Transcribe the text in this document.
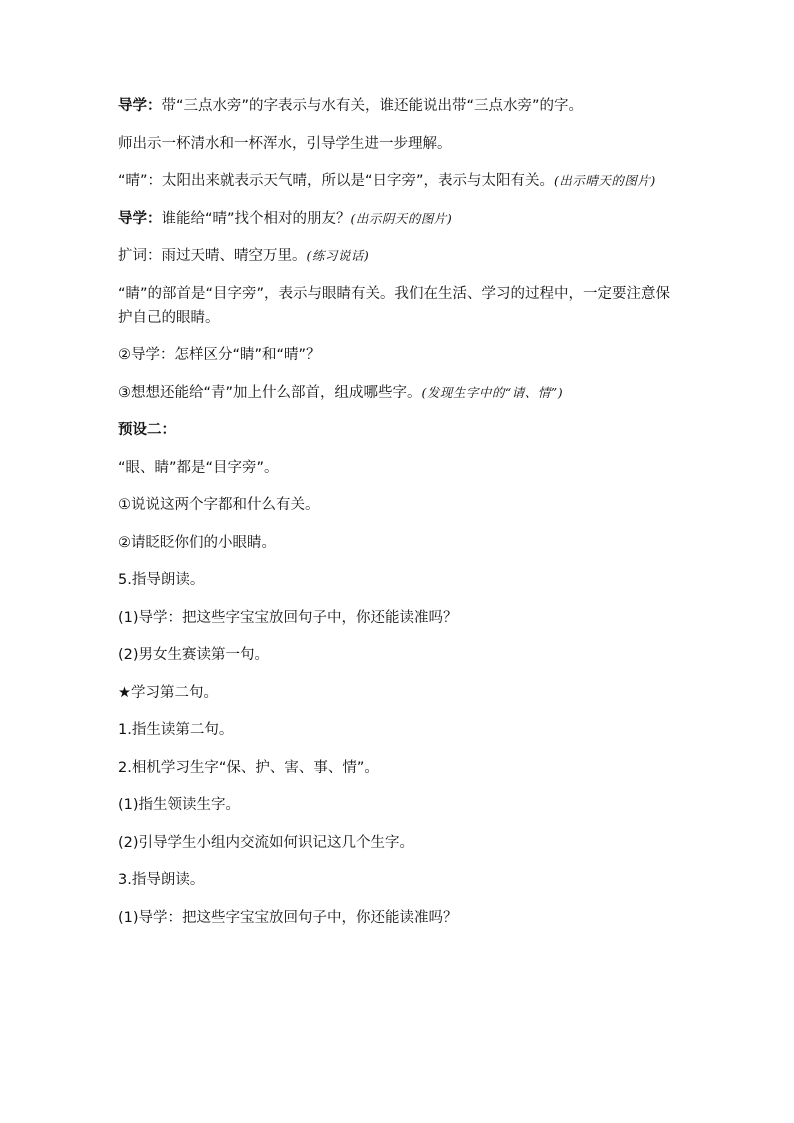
导学：带“三点水旁”的字表示与水有关，谁还能说出带“三点水旁”的字。

师出示一杯清水和一杯浑水，引导学生进一步理解。

“晴”：太阳出来就表示天气晴，所以是“日字旁”，表示与太阳有关。(出示晴天的图片)

导学：谁能给“晴”找个相对的朋友？(出示阴天的图片)

扩词：雨过天晴、晴空万里。(练习说话)

“睛”的部首是“目字旁”，表示与眼睛有关。我们在生活、学习的过程中，一定要注意保护自己的眼睛。

②导学：怎样区分“睛”和“晴”？

③想想还能给“青”加上什么部首，组成哪些字。(发现生字中的“请、情”)

预设二：

“眼、睛”都是“目字旁”。

①说说这两个字都和什么有关。

②请眨眨你们的小眼睛。

5.指导朗读。

(1)导学：把这些字宝宝放回句子中，你还能读准吗？

(2)男女生赛读第一句。

★学习第二句。

1.指生读第二句。

2.相机学习生字“保、护、害、事、情”。

(1)指生领读生字。

(2)引导学生小组内交流如何识记这几个生字。

3.指导朗读。

(1)导学：把这些字宝宝放回句子中，你还能读准吗？
